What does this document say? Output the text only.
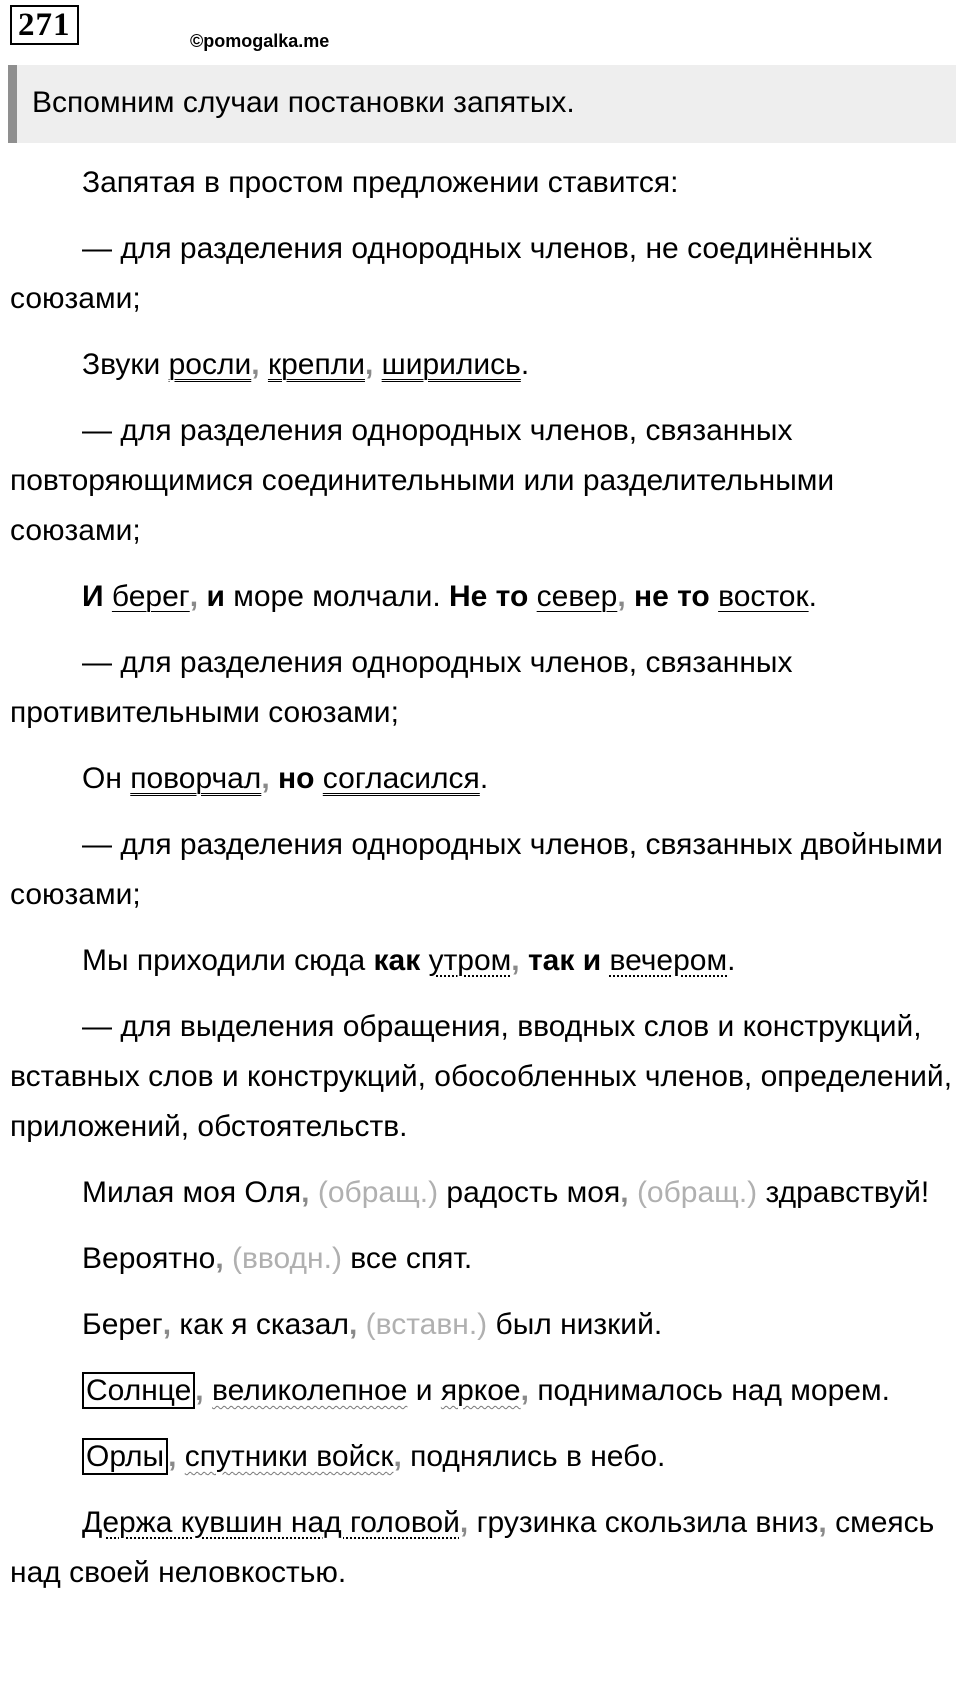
271	©pomogalka.me
Вспомним случаи постановки запятых.

Запятая в простом предложении ставится:

— для разделения однородных членов, не соединённых союзами;

Звуки росли, крепли, ширились.

— для разделения однородных членов, связанных повторяющимися соединительными или разделительными союзами;

И берег, и море молчали. Не то север, не то восток.

— для разделения однородных членов, связанных противительными союзами;

Он поворчал, но согласился.

— для разделения однородных членов, связанных двойными союзами;

Мы приходили сюда как утром, так и вечером.

— для выделения обращения, вводных слов и конструкций, вставных слов и конструкций, обособленных членов, определений, приложений, обстоятельств.

Милая моя Оля, (обращ.) радость моя, (обращ.) здравствуй!

Вероятно, (вводн.) все спят.

Берег, как я сказал, (вставн.) был низкий.

Солнце , великолепное и яркое, поднималось над морем.

Орлы , спутники войск, поднялись в небо.

Держа кувшин над головой, грузинка скользила вниз, смеясь над своей неловкостью.
